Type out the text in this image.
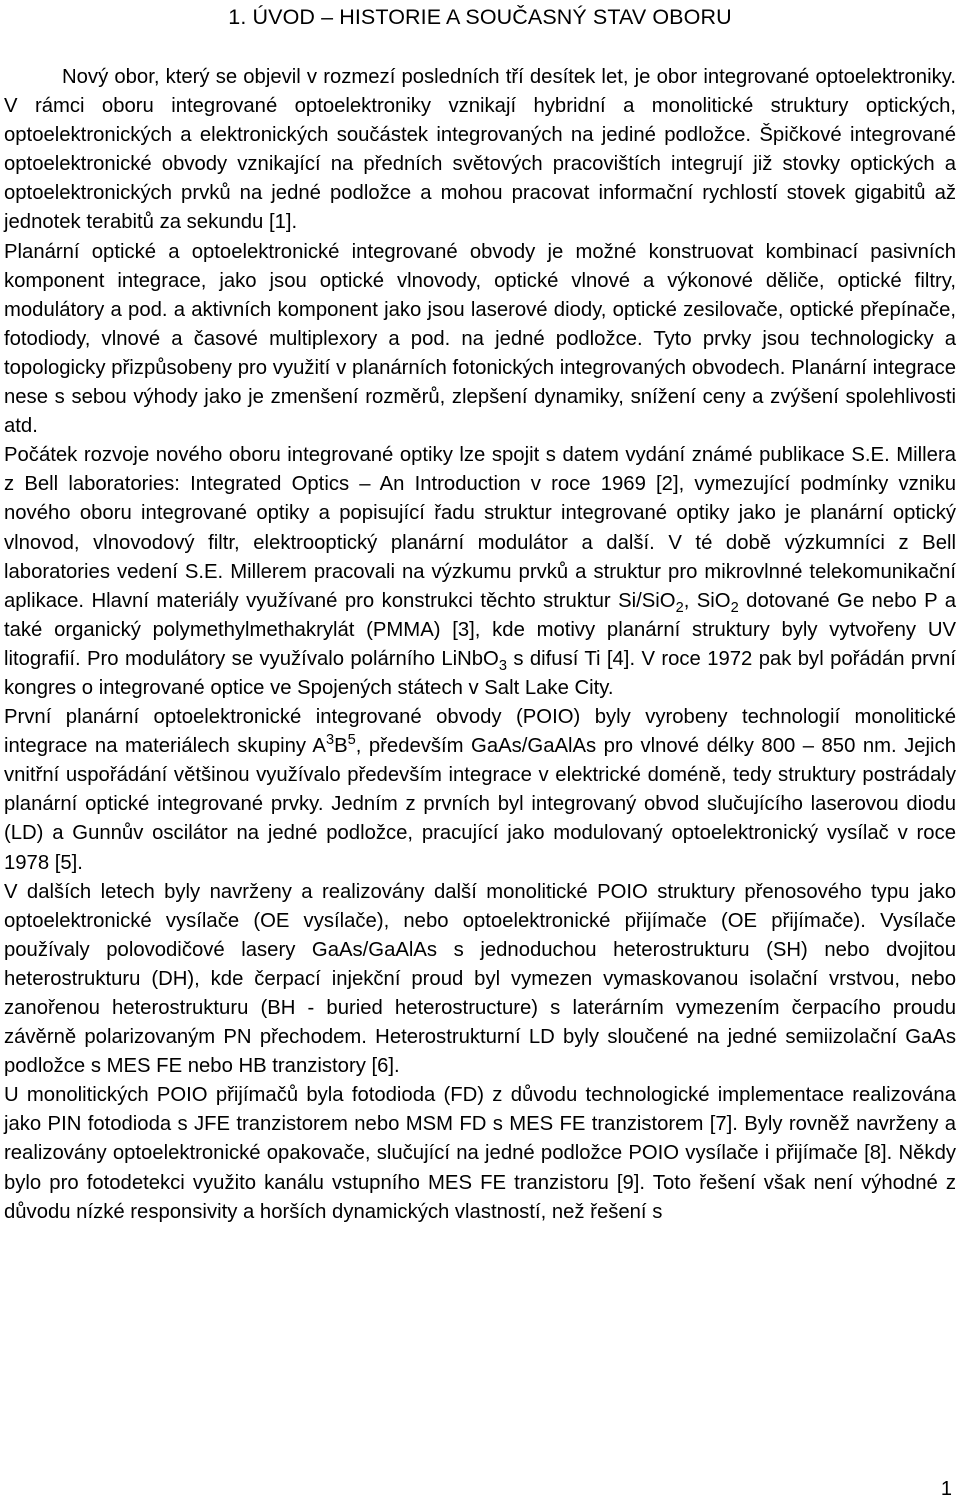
1. ÚVOD – HISTORIE A SOUČASNÝ STAV OBORU

Nový obor, který se objevil v rozmezí posledních tří desítek let, je obor integrované optoelektroniky. V rámci oboru integrované optoelektroniky vznikají hybridní a monolitické struktury optických, optoelektronických a elektronických součástek integrovaných na jediné podložce. Špičkové integrované optoelektronické obvody vznikající na předních světových pracovištích integrují již stovky optických a optoelektronických prvků na jedné podložce a mohou pracovat informační rychlostí stovek gigabitů až jednotek terabitů za sekundu [1].

Planární optické a optoelektronické integrované obvody je možné konstruovat kombinací pasivních komponent integrace, jako jsou optické vlnovody, optické vlnové a výkonové děliče, optické filtry, modulátory a pod. a aktivních komponent jako jsou laserové diody, optické zesilovače, optické přepínače, fotodiody, vlnové a časové multiplexory a pod. na jedné podložce. Tyto prvky jsou technologicky a topologicky přizpůsobeny pro využití v planárních fotonických integrovaných obvodech. Planární integrace nese s sebou výhody jako je zmenšení rozměrů, zlepšení dynamiky, snížení ceny a zvýšení spolehlivosti atd.

Počátek rozvoje nového oboru integrované optiky lze spojit s datem vydání známé publikace S.E. Millera z Bell laboratories: Integrated Optics – An Introduction v roce 1969 [2], vymezující podmínky vzniku nového oboru integrované optiky a popisující řadu struktur integrované optiky jako je planární optický vlnovod, vlnovodový filtr, elektrooptický planární modulátor a další. V té době výzkumníci z Bell laboratories vedení S.E. Millerem pracovali na výzkumu prvků a struktur pro mikrovlnné telekomunikační aplikace. Hlavní materiály využívané pro konstrukci těchto struktur Si/SiO$_2$, SiO$_2$ dotované Ge nebo P a také organický polymethylmethakrylát (PMMA) [3], kde motivy planární struktury byly vytvořeny UV litografií. Pro modulátory se využívalo polárního LiNbO$_3$ s difusí Ti [4]. V roce 1972 pak byl pořádán první kongres o integrované optice ve Spojených státech v Salt Lake City.

První planární optoelektronické integrované obvody (POIO) byly vyrobeny technologií monolitické integrace na materiálech skupiny $A^3B^5$, především GaAs/GaAlAs pro vlnové délky 800 – 850 nm. Jejich vnitřní uspořádání většinou využívalo především integrace v elektrické doméně, tedy struktury postrádaly planární optické integrované prvky. Jedním z prvních byl integrovaný obvod slučujícího laserovou diodu (LD) a Gunnův oscilátor na jedné podložce, pracující jako modulovaný optoelektronický vysílač v roce 1978 [5].

V dalších letech byly navrženy a realizovány další monolitické POIO struktury přenosového typu jako optoelektronické vysílače (OE vysílače), nebo optoelektronické přijímače (OE přijímače). Vysílače používaly polovodičové lasery GaAs/GaAlAs s jednoduchou heterostrukturu (SH) nebo dvojitou heterostrukturu (DH), kde čerpací injekční proud byl vymezen vymaskovanou isolační vrstvou, nebo zanořenou heterostrukturu (BH - buried heterostructure) s laterárním vymezením čerpacího proudu závěrně polarizovaným PN přechodem. Heterostrukturní LD byly sloučené na jedné semiizolační GaAs podložce s MES FE nebo HB tranzistory [6].

U monolitických POIO přijímačů byla fotodioda (FD) z důvodu technologické implementace realizována jako PIN fotodioda s JFE tranzistorem nebo MSM FD s MES FE tranzistorem [7]. Byly rovněž navrženy a realizovány optoelektronické opakovače, slučující na jedné podložce POIO vysílače i přijímače [8]. Někdy bylo pro fotodetekci využito kanálu vstupního MES FE tranzistoru [9]. Toto řešení však není výhodné z důvodu nízké responsivity a horších dynamických vlastností, než řešení s

1
